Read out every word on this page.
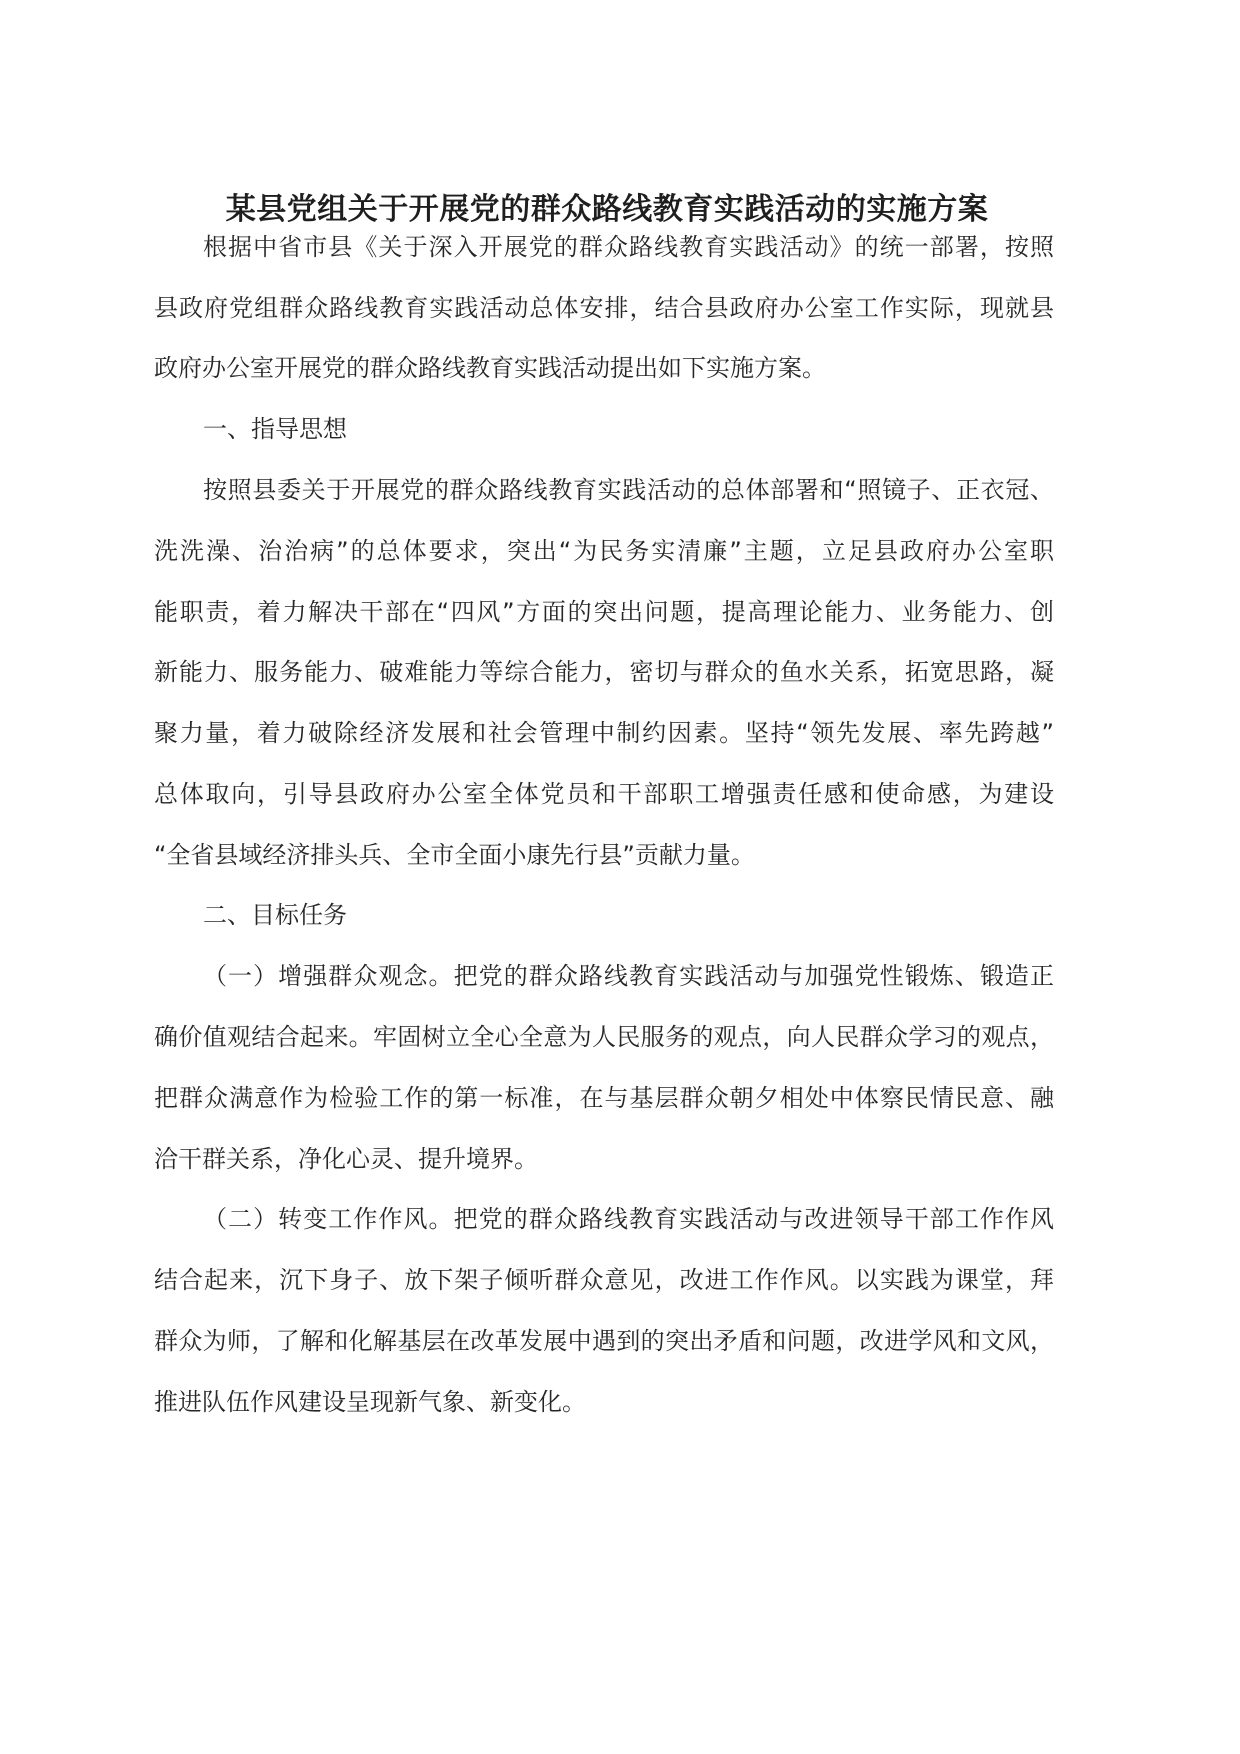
某县党组关于开展党的群众路线教育实践活动的实施方案
根据中省市县《关于深入开展党的群众路线教育实践活动》的统一部署，按照
县政府党组群众路线教育实践活动总体安排，结合县政府办公室工作实际，现就县
政府办公室开展党的群众路线教育实践活动提出如下实施方案。
一、指导思想
按照县委关于开展党的群众路线教育实践活动的总体部署和“照镜子、正衣冠、
洗洗澡、治治病”的总体要求，突出“为民务实清廉”主题，立足县政府办公室职
能职责，着力解决干部在“四风”方面的突出问题，提高理论能力、业务能力、创
新能力、服务能力、破难能力等综合能力，密切与群众的鱼水关系，拓宽思路，凝
聚力量，着力破除经济发展和社会管理中制约因素。坚持“领先发展、率先跨越”
总体取向，引导县政府办公室全体党员和干部职工增强责任感和使命感，为建设
“全省县域经济排头兵、全市全面小康先行县”贡献力量。
二、目标任务
（一）增强群众观念。把党的群众路线教育实践活动与加强党性锻炼、锻造正
确价值观结合起来。牢固树立全心全意为人民服务的观点，向人民群众学习的观点，
把群众满意作为检验工作的第一标准，在与基层群众朝夕相处中体察民情民意、融
洽干群关系，净化心灵、提升境界。
（二）转变工作作风。把党的群众路线教育实践活动与改进领导干部工作作风
结合起来，沉下身子、放下架子倾听群众意见，改进工作作风。以实践为课堂，拜
群众为师，了解和化解基层在改革发展中遇到的突出矛盾和问题，改进学风和文风，
推进队伍作风建设呈现新气象、新变化。
